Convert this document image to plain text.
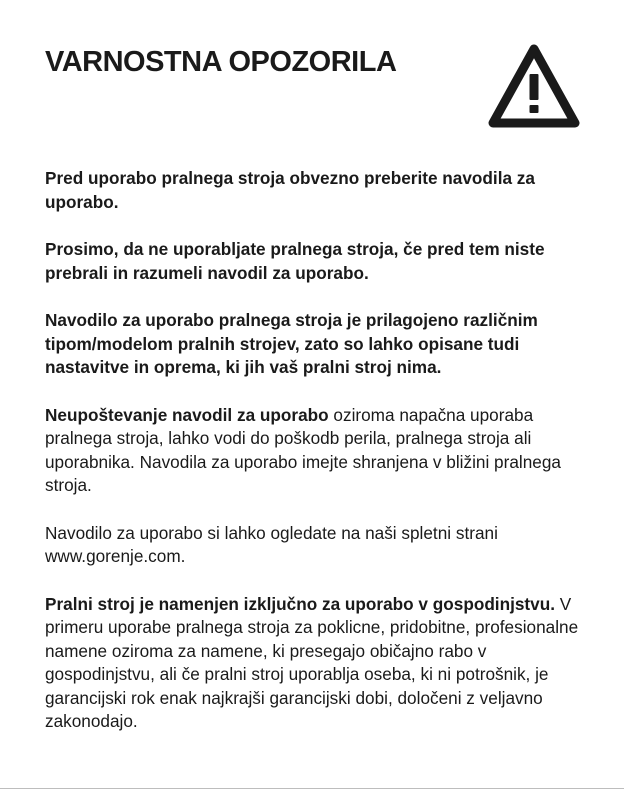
VARNOSTNA OPOZORILA

Pred uporabo pralnega stroja obvezno preberite navodila za uporabo.

Prosimo, da ne uporabljate pralnega stroja, če pred tem niste prebrali in razumeli navodil za uporabo.

Navodilo za uporabo pralnega stroja je prilagojeno različnim tipom/modelom pralnih strojev, zato so lahko opisane tudi nastavitve in oprema, ki jih vaš pralni stroj nima.

Neupoštevanje navodil za uporabo oziroma napačna uporaba pralnega stroja, lahko vodi do poškodb perila, pralnega stroja ali uporabnika. Navodila za uporabo imejte shranjena v bližini pralnega stroja.

Navodilo za uporabo si lahko ogledate na naši spletni strani www.gorenje.com.

Pralni stroj je namenjen izključno za uporabo v gospodinjstvu. V primeru uporabe pralnega stroja za poklicne, pridobitne, profesionalne namene oziroma za namene, ki presegajo običajno rabo v gospodinjstvu, ali če pralni stroj uporablja oseba, ki ni potrošnik, je garancijski rok enak najkrajši garancijski dobi, določeni z veljavno zakonodajo.
